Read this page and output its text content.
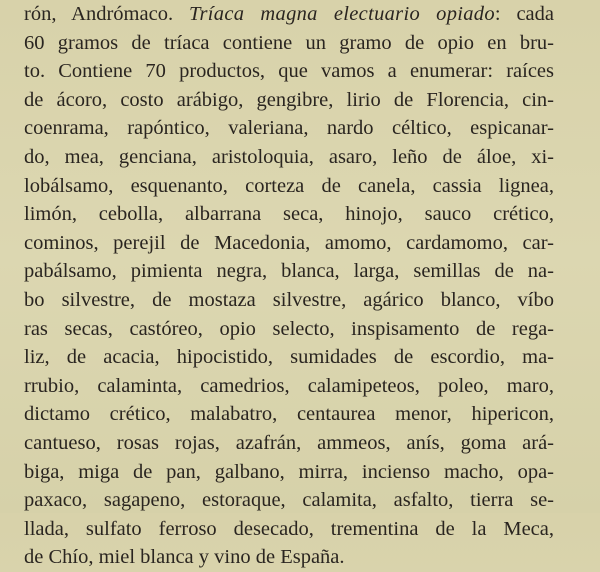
rón, Andrómaco. Tríaca magna electuario opiado: cada
60 gramos de tríaca contiene un gramo de opio en bru-
to. Contiene 70 productos, que vamos a enumerar: raíces
de ácoro, costo arábigo, gengibre, lirio de Florencia, cin-
coenrama, rapóntico, valeriana, nardo céltico, espicanar-
do, mea, genciana, aristoloquia, asaro, leño de áloe, xi-
lobálsamo, esquenanto, corteza de canela, cassia lignea,
limón, cebolla, albarrana seca, hinojo, sauco crético,
cominos, perejil de Macedonia, amomo, cardamomo, car-
pabálsamo, pimienta negra, blanca, larga, semillas de na-
bo silvestre, de mostaza silvestre, agárico blanco, víbo
ras secas, castóreo, opio selecto, inspisamento de rega-
liz, de acacia, hipocistido, sumidades de escordio, ma-
rrubio, calaminta, camedrios, calamipeteos, poleo, maro,
dictamo crético, malabatro, centaurea menor, hipericon,
cantueso, rosas rojas, azafrán, ammeos, anís, goma ará-
biga, miga de pan, galbano, mirra, incienso macho, opa-
paxaco, sagapeno, estoraque, calamita, asfalto, tierra se-
llada, sulfato ferroso desecado, trementina de la Meca,
de Chío, miel blanca y vino de España.
